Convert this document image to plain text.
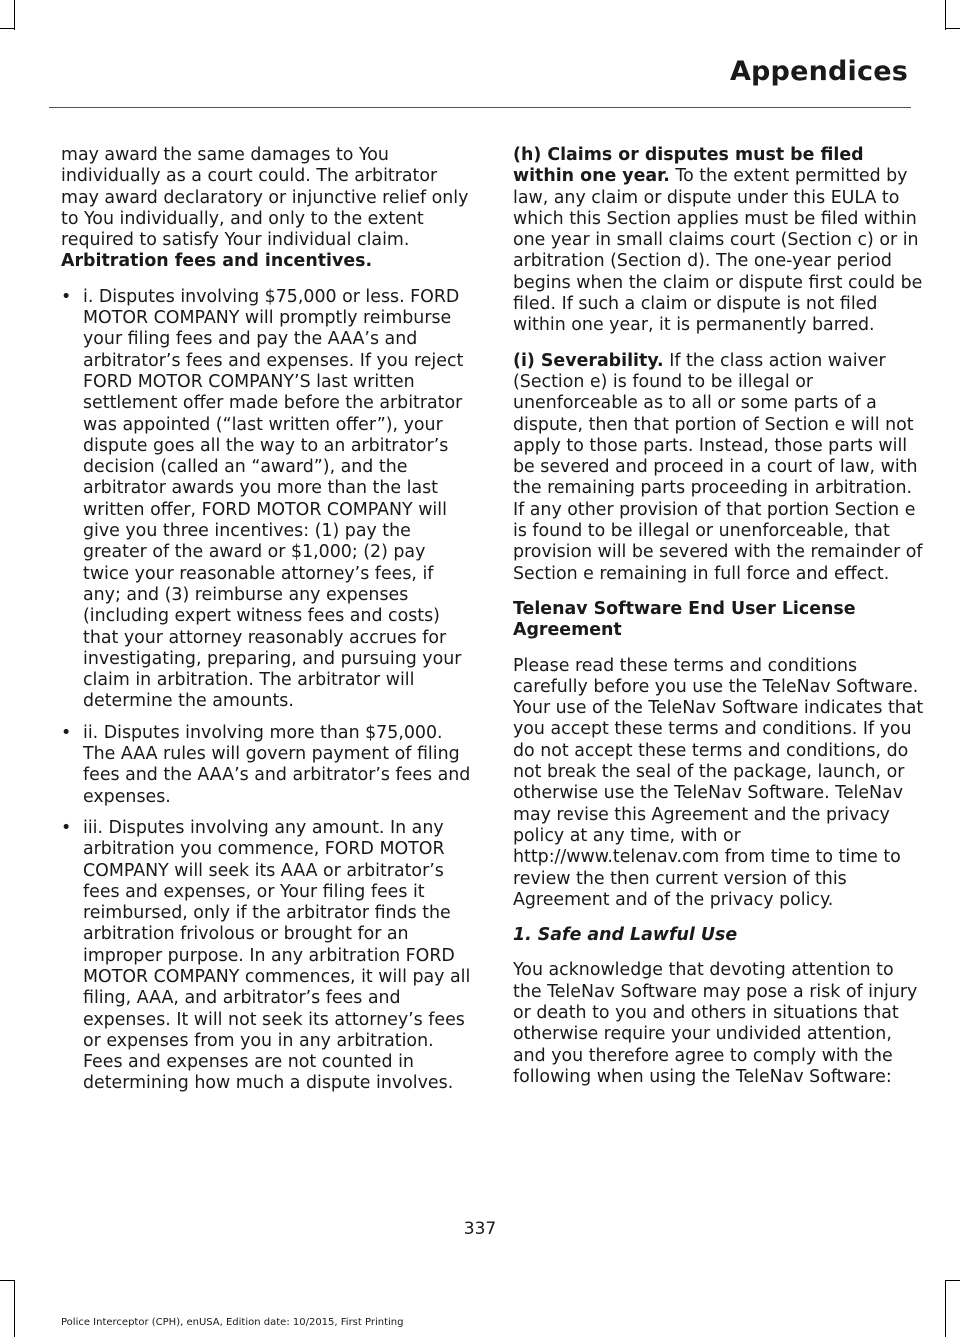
Appendices

may award the same damages to You individually as a court could. The arbitrator may award declaratory or injunctive relief only to You individually, and only to the extent required to satisfy Your individual claim. Arbitration fees and incentives.

• i. Disputes involving $75,000 or less. FORD MOTOR COMPANY will promptly reimburse your filing fees and pay the AAA’s and arbitrator’s fees and expenses. If you reject FORD MOTOR COMPANY’S last written settlement offer made before the arbitrator was appointed (“last written offer”), your dispute goes all the way to an arbitrator’s decision (called an “award”), and the arbitrator awards you more than the last written offer, FORD MOTOR COMPANY will give you three incentives: (1) pay the greater of the award or $1,000; (2) pay twice your reasonable attorney’s fees, if any; and (3) reimburse any expenses (including expert witness fees and costs) that your attorney reasonably accrues for investigating, preparing, and pursuing your claim in arbitration. The arbitrator will determine the amounts.
• ii. Disputes involving more than $75,000. The AAA rules will govern payment of filing fees and the AAA’s and arbitrator’s fees and expenses.
• iii. Disputes involving any amount. In any arbitration you commence, FORD MOTOR COMPANY will seek its AAA or arbitrator’s fees and expenses, or Your filing fees it reimbursed, only if the arbitrator finds the arbitration frivolous or brought for an improper purpose. In any arbitration FORD MOTOR COMPANY commences, it will pay all filing, AAA, and arbitrator’s fees and expenses. It will not seek its attorney’s fees or expenses from you in any arbitration. Fees and expenses are not counted in determining how much a dispute involves.

(h) Claims or disputes must be filed within one year. To the extent permitted by law, any claim or dispute under this EULA to which this Section applies must be filed within one year in small claims court (Section c) or in arbitration (Section d). The one-year period begins when the claim or dispute first could be filed. If such a claim or dispute is not filed within one year, it is permanently barred.

(i) Severability. If the class action waiver (Section e) is found to be illegal or unenforceable as to all or some parts of a dispute, then that portion of Section e will not apply to those parts. Instead, those parts will be severed and proceed in a court of law, with the remaining parts proceeding in arbitration. If any other provision of that portion Section e is found to be illegal or unenforceable, that provision will be severed with the remainder of Section e remaining in full force and effect.

Telenav Software End User License Agreement

Please read these terms and conditions carefully before you use the TeleNav Software. Your use of the TeleNav Software indicates that you accept these terms and conditions. If you do not accept these terms and conditions, do not break the seal of the package, launch, or otherwise use the TeleNav Software. TeleNav may revise this Agreement and the privacy policy at any time, with or http://www.telenav.com from time to time to review the then current version of this Agreement and of the privacy policy.

1. Safe and Lawful Use

You acknowledge that devoting attention to the TeleNav Software may pose a risk of injury or death to you and others in situations that otherwise require your undivided attention, and you therefore agree to comply with the following when using the TeleNav Software:

337
Police Interceptor (CPH), enUSA, Edition date: 10/2015, First Printing
